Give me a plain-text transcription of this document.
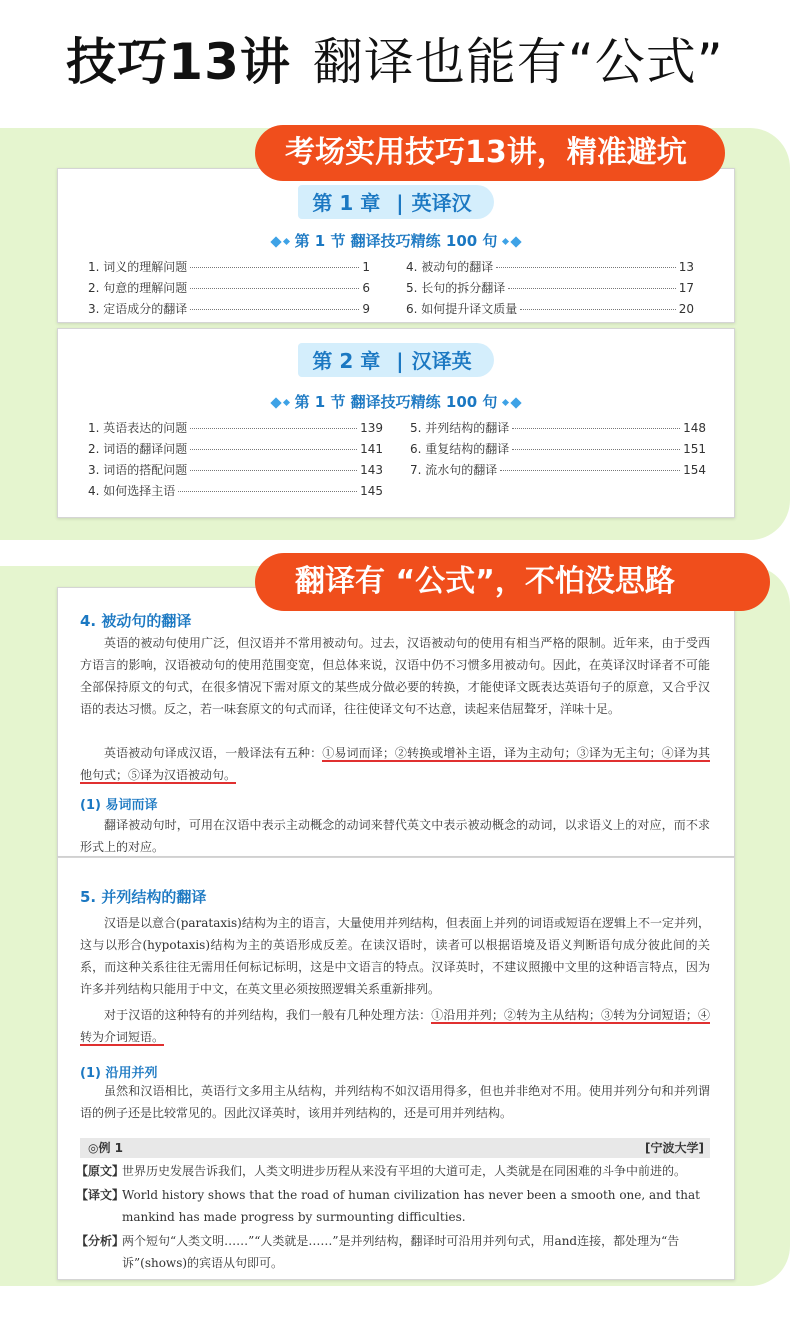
技巧13讲 翻译也能有“公式”
第 1 章 | 英译汉
第 1 节 翻译技巧精练 100 句
1. 词义的理解问题	1
2. 句意的理解问题	6
3. 定语成分的翻译	9
4. 被动句的翻译	13
5. 长句的拆分翻译	17
6. 如何提升译文质量	20
第 2 章 | 汉译英
第 1 节 翻译技巧精练 100 句
1. 英语表达的问题	139
2. 词语的翻译问题	141
3. 词语的搭配问题	143
4. 如何选择主语	145
5. 并列结构的翻译	148
6. 重复结构的翻译	151
7. 流水句的翻译	154
4. 被动句的翻译
英语的被动句使用广泛，但汉语并不常用被动句。过去，汉语被动句的使用有相当严格的限制。近年来，由于受西方语言的影响，汉语被动句的使用范围变宽，但总体来说，汉语中仍不习惯多用被动句。因此，在英译汉时译者不可能全部保持原文的句式，在很多情况下需对原文的某些成分做必要的转换，才能使译文既表达英语句子的原意，又合乎汉语的表达习惯。反之，若一味套原文的句式而译，往往使译文句不达意，读起来佶屈聱牙，洋味十足。
英语被动句译成汉语，一般译法有五种：①易词而译；②转换或增补主语，译为主动句；③译为无主句；④译为其他句式；⑤译为汉语被动句。
(1) 易词而译
翻译被动句时，可用在汉语中表示主动概念的动词来替代英文中表示被动概念的动词，以求语义上的对应，而不求形式上的对应。
5. 并列结构的翻译
汉语是以意合(parataxis)结构为主的语言，大量使用并列结构，但表面上并列的词语或短语在逻辑上不一定并列，这与以形合(hypotaxis)结构为主的英语形成反差。在读汉语时，读者可以根据语境及语义判断语句成分彼此间的关系，而这种关系往往无需用任何标记标明，这是中文语言的特点。汉译英时，不建议照搬中文里的这种语言特点，因为许多并列结构只能用于中文，在英文里必须按照逻辑关系重新排列。
对于汉语的这种特有的并列结构，我们一般有几种处理方法：①沿用并列；②转为主从结构；③转为分词短语；④转为介词短语。
(1) 沿用并列
虽然和汉语相比，英语行文多用主从结构，并列结构不如汉语用得多，但也并非绝对不用。使用并列分句和并列谓语的例子还是比较常见的。因此汉译英时，该用并列结构的，还是可用并列结构。
◎例 1	[宁波大学]
【原文】
世界历史发展告诉我们，人类文明进步历程从来没有平坦的大道可走，人类就是在同困难的斗争中前进的。
【译文】
World history shows that the road of human civilization has never been a smooth one, and that mankind has made progress by surmounting difficulties.
【分析】
两个短句“人类文明……”“人类就是……”是并列结构，翻译时可沿用并列句式，用and连接，都处理为“告诉”(shows)的宾语从句即可。
考场实用技巧13讲，精准避坑
翻译有 “公式”，不怕没思路
